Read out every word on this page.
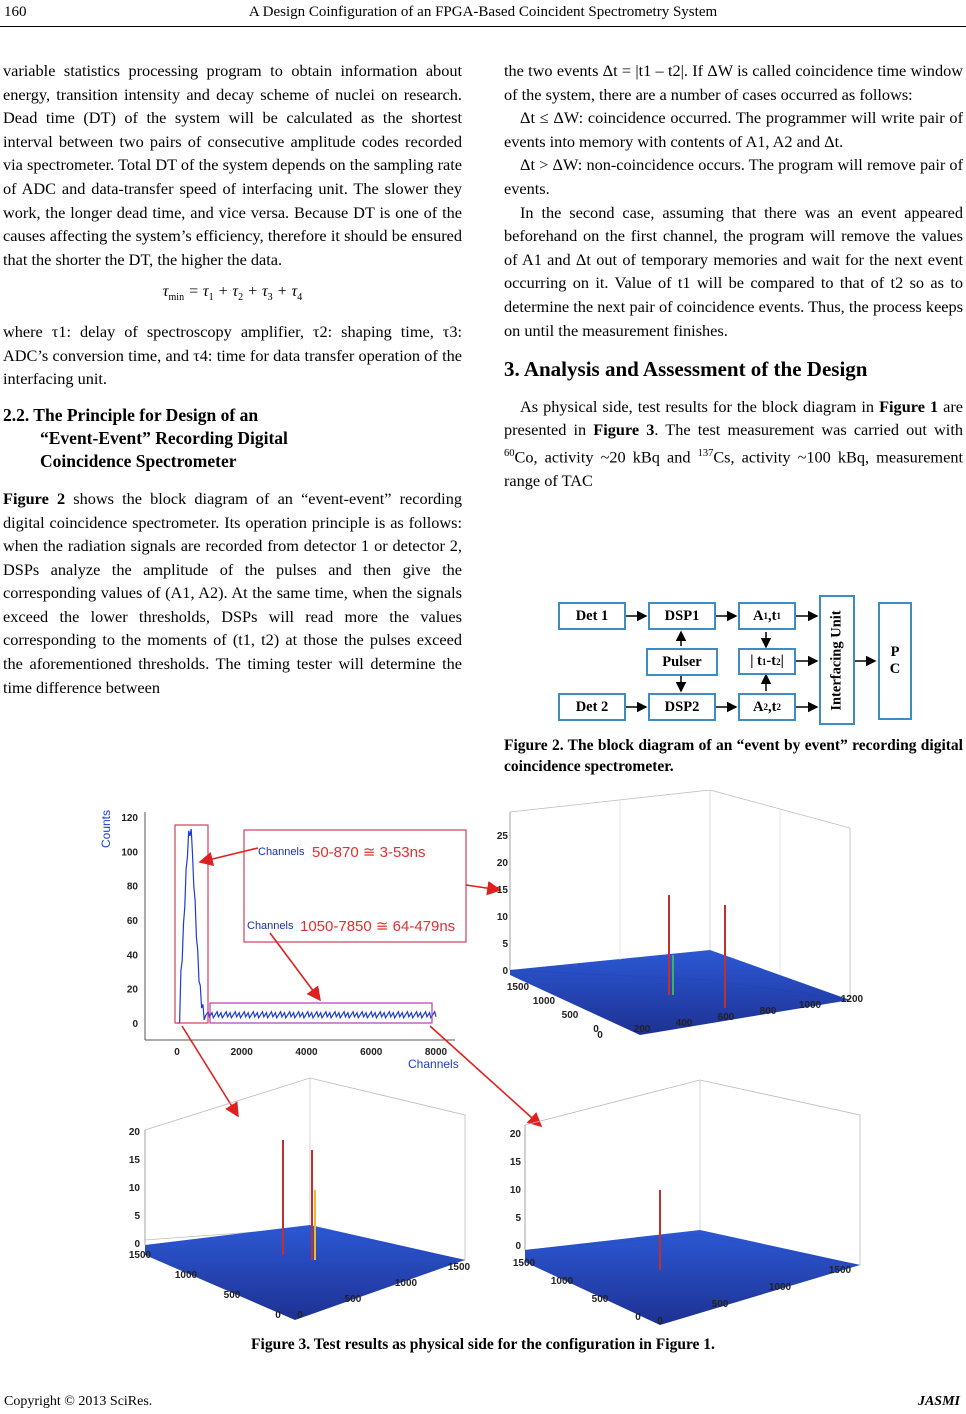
160	A Design Coinfiguration of an FPGA-Based Coincident Spectrometry System

variable statistics processing program to obtain information about energy, transition intensity and decay scheme of nuclei on research. Dead time (DT) of the system will be calculated as the shortest interval between two pairs of consecutive amplitude codes recorded via spectrometer. Total DT of the system depends on the sampling rate of ADC and data-transfer speed of interfacing unit. The slower they work, the longer dead time, and vice versa. Because DT is one of the causes affecting the system’s efficiency, therefore it should be ensured that the shorter the DT, the higher the data.

$\tau_{min} = \tau_1 + \tau_2 + \tau_3 + \tau_4$

where τ1: delay of spectroscopy amplifier, τ2: shaping time, τ3: ADC’s conversion time, and τ4: time for data transfer operation of the interfacing unit.

2.2. The Principle for Design of an
“Event-Event” Recording Digital
Coincidence Spectrometer

Figure 2 shows the block diagram of an “event-event” recording digital coincidence spectrometer. Its operation principle is as follows: when the radiation signals are recorded from detector 1 or detector 2, DSPs analyze the amplitude of the pulses and then give the corresponding values of (A1, A2). At the same time, when the signals exceed the lower thresholds, DSPs will read more the values corresponding to the moments of (t1, t2) at those the pulses exceed the aforementioned thresholds. The timing tester will determine the time difference between

the two events Δt = |t1 – t2|. If ΔW is called coincidence time window of the system, there are a number of cases occurred as follows:

Δt ≤ ΔW: coincidence occurred. The programmer will write pair of events into memory with contents of A1, A2 and Δt.

Δt > ΔW: non-coincidence occurs. The program will remove pair of events.

In the second case, assuming that there was an event appeared beforehand on the first channel, the program will remove the values of A1 and Δt out of temporary memories and wait for the next event occurring on it. Value of t1 will be compared to that of t2 so as to determine the next pair of coincidence events. Thus, the process keeps on until the measurement finishes.

3. Analysis and Assessment of the Design

As physical side, test results for the block diagram in Figure 1 are presented in Figure 3. The test measurement was carried out with $^{60}$Co, activity ~20 kBq and $^{137}$Cs, activity ~100 kBq, measurement range of TAC

Det 1	DSP1	A 1 ,t 1
Pulser	| t 1 -t 2 |
Det 2	DSP2	A 2 ,t 2	Interfacing Unit	P
C
Figure 2. The block diagram of an “event by event” recording digital coincidence spectrometer.
Counts
0
20
40
60
80
100
120
0	2000	4000	6000	8000
Channels
Channels 50-870 ≅ 3-53ns
Channels 1050-7850 ≅ 64-479ns
0
5
10
15
20
25
0
200
400
600
800
1000
1200
0
500
1000
1500
0
5
10
15
20
0
500
1000
1500
0
500
1000
1500
0
5
10
15
20
0
500
1000
1500
0
500
1000
1500
Figure 3. Test results as physical side for the configuration in Figure 1.
Copyright © 2013 SciRes.	JASMI
